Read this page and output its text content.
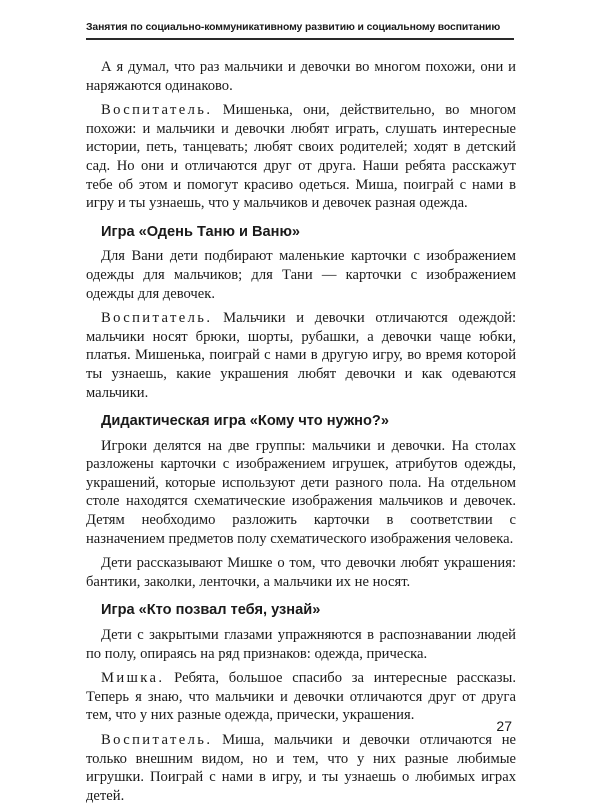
Занятия по социально-коммуникативному развитию и социальному воспитанию

А я думал, что раз мальчики и девочки во многом похожи, они и наряжаются одинаково.

Воспитатель. Мишенька, они, действительно, во многом похожи: и мальчики и девочки любят играть, слушать интересные истории, петь, танцевать; любят своих родителей; ходят в детский сад. Но они и отличаются друг от друга. Наши ребята расскажут тебе об этом и помогут красиво одеться. Миша, поиграй с нами в игру и ты узнаешь, что у мальчиков и девочек разная одежда.

Игра «Одень Таню и Ваню»

Для Вани дети подбирают маленькие карточки с изображением одежды для мальчиков; для Тани — карточки с изображением одежды для девочек.

Воспитатель. Мальчики и девочки отличаются одеждой: мальчики носят брюки, шорты, рубашки, а девочки чаще юбки, платья. Мишенька, поиграй с нами в другую игру, во время которой ты узнаешь, какие украшения любят девочки и как одеваются мальчики.

Дидактическая игра «Кому что нужно?»

Игроки делятся на две группы: мальчики и девочки. На столах разложены карточки с изображением игрушек, атрибутов одежды, украшений, которые используют дети разного пола. На отдельном столе находятся схематические изображения мальчиков и девочек. Детям необходимо разложить карточки в соответствии с назначением предметов полу схематического изображения человека.

Дети рассказывают Мишке о том, что девочки любят украшения: бантики, заколки, ленточки, а мальчики их не носят.

Игра «Кто позвал тебя, узнай»

Дети с закрытыми глазами упражняются в распознавании людей по полу, опираясь на ряд признаков: одежда, прическа.

Мишка. Ребята, большое спасибо за интересные рассказы. Теперь я знаю, что мальчики и девочки отличаются друг от друга тем, что у них разные одежда, прически, украшения.

Воспитатель. Миша, мальчики и девочки отличаются не только внешним видом, но и тем, что у них разные любимые игрушки. Поиграй с нами в игру, и ты узнаешь о любимых играх детей.

27
